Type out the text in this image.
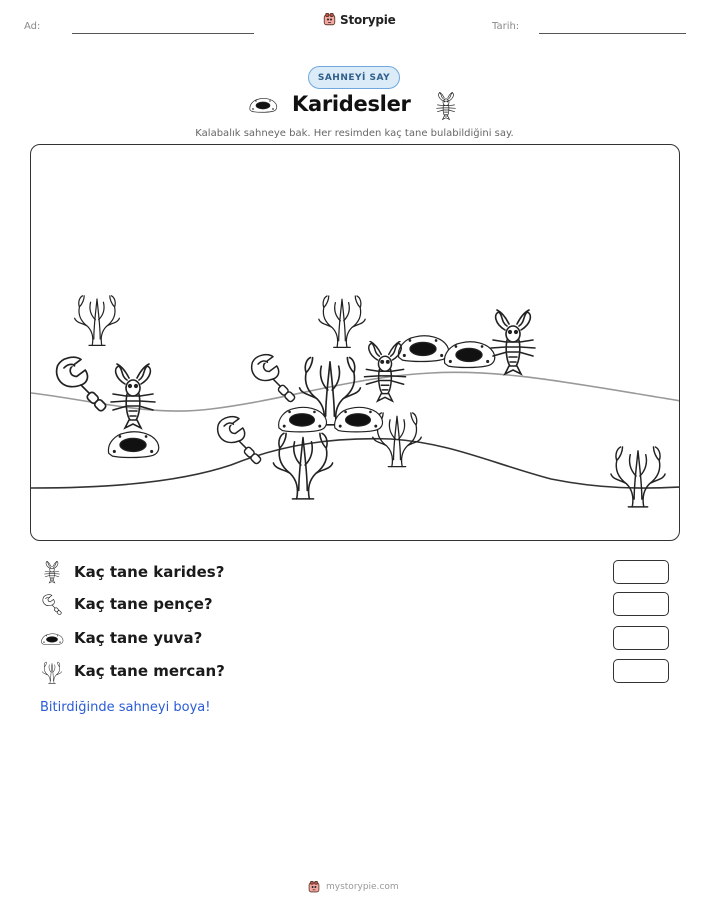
Ad:	Storypie	Tarih:
SAHNEYİ SAY
Karidesler
Kalabalık sahneye bak. Her resimden kaç tane bulabildiğini say.
Kaç tane karides?
Kaç tane pençe?
Kaç tane yuva?
Kaç tane mercan?
Bitirdiğinde sahneyi boya!
mystorypie.com
